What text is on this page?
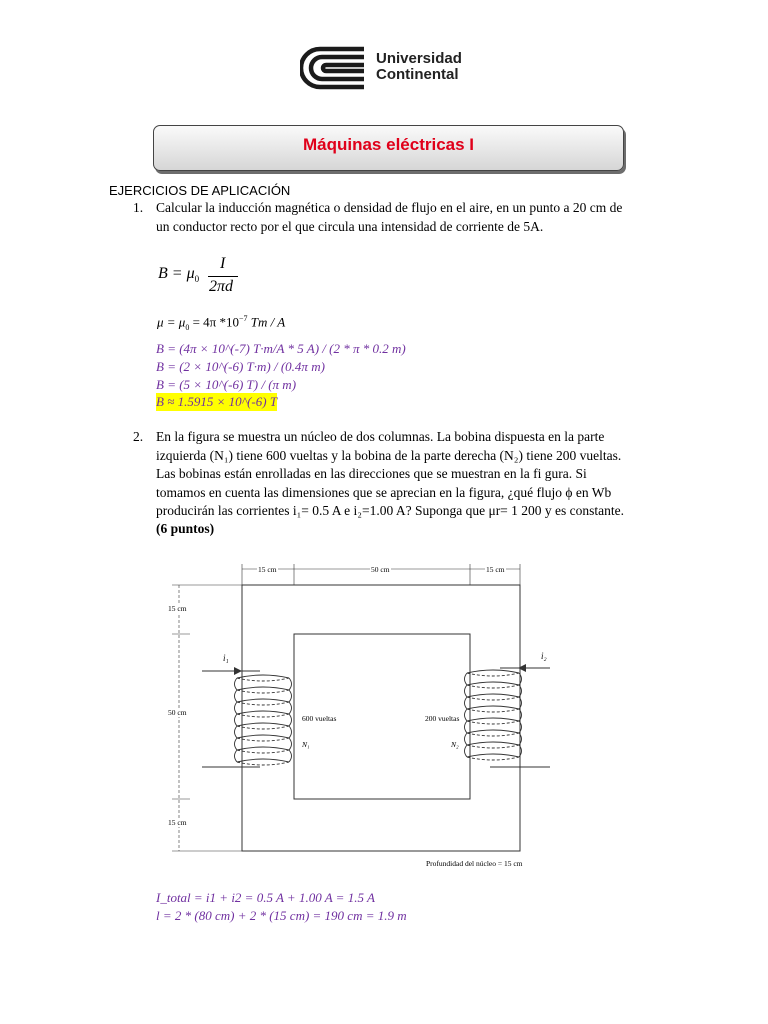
Universidad
Continental
Máquinas eléctricas I
EJERCICIOS DE APLICACIÓN
1. Calcular la inducción magnética o densidad de flujo en el aire, en un punto a 20 cm de
un conductor recto por el que circula una intensidad de corriente de 5A.
$B = \mu_0$
I
2πd
$\mu = \mu_0 = 4\pi$ $*10^{-7}$ Tm / A
B = (4π × 10^(-7) T·m/A * 5 A) / (2 * π * 0.2 m)
B = (2 × 10^(-6) T·m) / (0.4π m)
B = (5 × 10^(-6) T) / (π m)
B ≈ 1.5915 × 10^(-6) T
2. En la figura se muestra un núcleo de dos columnas. La bobina dispuesta en la parte
izquierda (N₁) tiene 600 vueltas y la bobina de la parte derecha (N₂) tiene 200 vueltas.
Las bobinas están enrolladas en las direcciones que se muestran en la fi gura. Si
tomamos en cuenta las dimensiones que se aprecian en la figura, ¿qué flujo ϕ en Wb
producirán las corrientes i₁= 0.5 A e i₂=1.00 A? Suponga que μr= 1 200 y es constante.
(6 puntos)
15 cm	50 cm	15 cm
15 cm
50 cm
15 cm
i₁	i₂
600 vueltas
N₁
200 vueltas
N₂
Profundidad del núcleo = 15 cm
I_total = i1 + i2 = 0.5 A + 1.00 A = 1.5 A
l = 2 * (80 cm) + 2 * (15 cm) = 190 cm = 1.9 m
